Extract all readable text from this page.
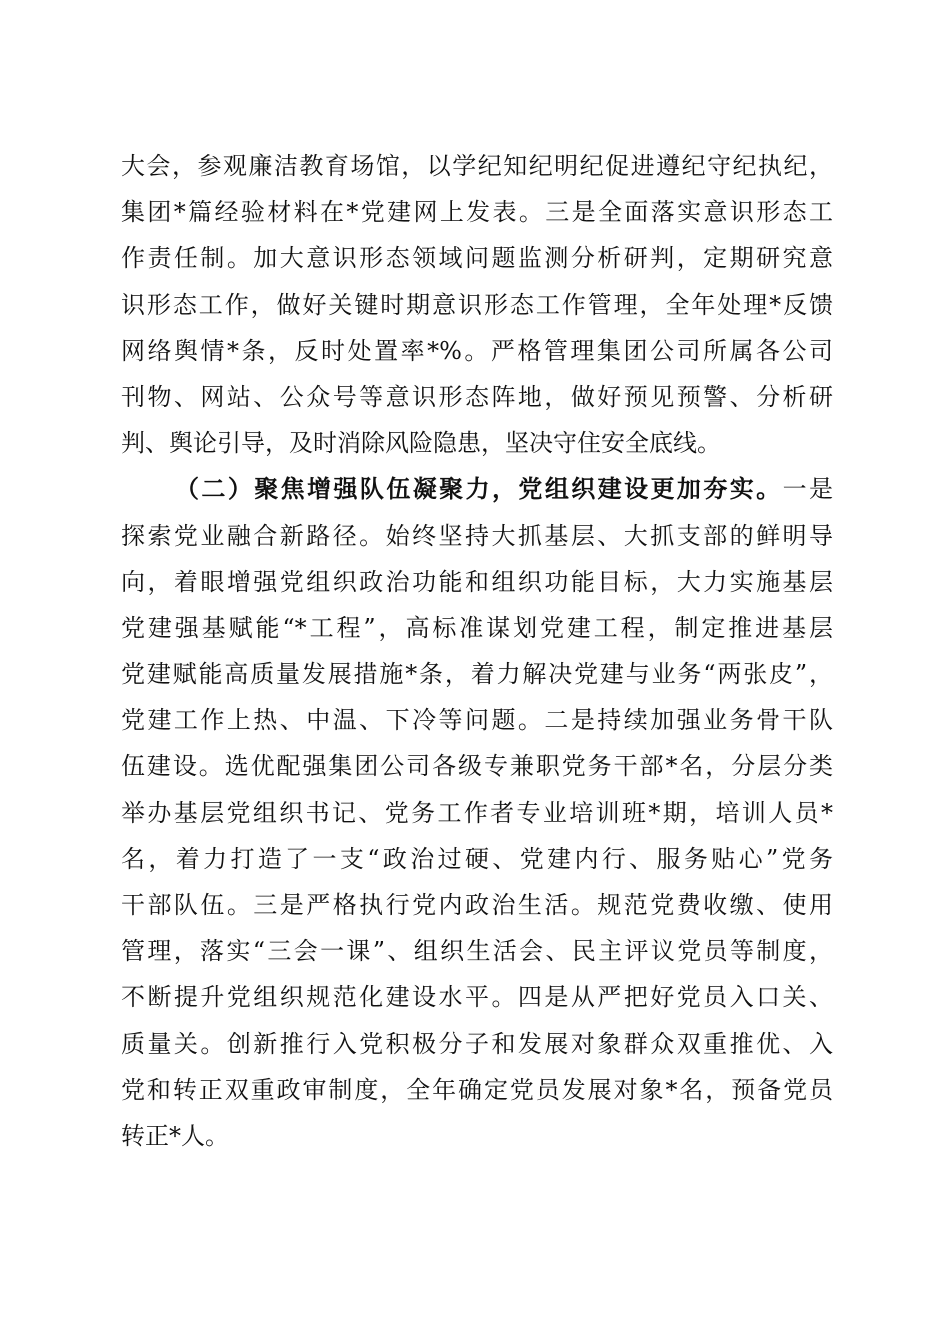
大会，参观廉洁教育场馆，以学纪知纪明纪促进遵纪守纪执纪，
集团*篇经验材料在*党建网上发表。三是全面落实意识形态工
作责任制。加大意识形态领域问题监测分析研判，定期研究意
识形态工作，做好关键时期意识形态工作管理，全年处理*反馈
网络舆情*条，反时处置率*%。严格管理集团公司所属各公司
刊物、网站、公众号等意识形态阵地，做好预见预警、分析研
判、舆论引导，及时消除风险隐患，坚决守住安全底线。
（二）聚焦增强队伍凝聚力，党组织建设更加夯实。一是
探索党业融合新路径。始终坚持大抓基层、大抓支部的鲜明导
向，着眼增强党组织政治功能和组织功能目标，大力实施基层
党建强基赋能“*工程”，高标准谋划党建工程，制定推进基层
党建赋能高质量发展措施*条，着力解决党建与业务“两张皮”，
党建工作上热、中温、下冷等问题。二是持续加强业务骨干队
伍建设。选优配强集团公司各级专兼职党务干部*名，分层分类
举办基层党组织书记、党务工作者专业培训班*期，培训人员*
名，着力打造了一支“政治过硬、党建内行、服务贴心”党务
干部队伍。三是严格执行党内政治生活。规范党费收缴、使用
管理，落实“三会一课”、组织生活会、民主评议党员等制度，
不断提升党组织规范化建设水平。四是从严把好党员入口关、
质量关。创新推行入党积极分子和发展对象群众双重推优、入
党和转正双重政审制度，全年确定党员发展对象*名，预备党员
转正*人。
